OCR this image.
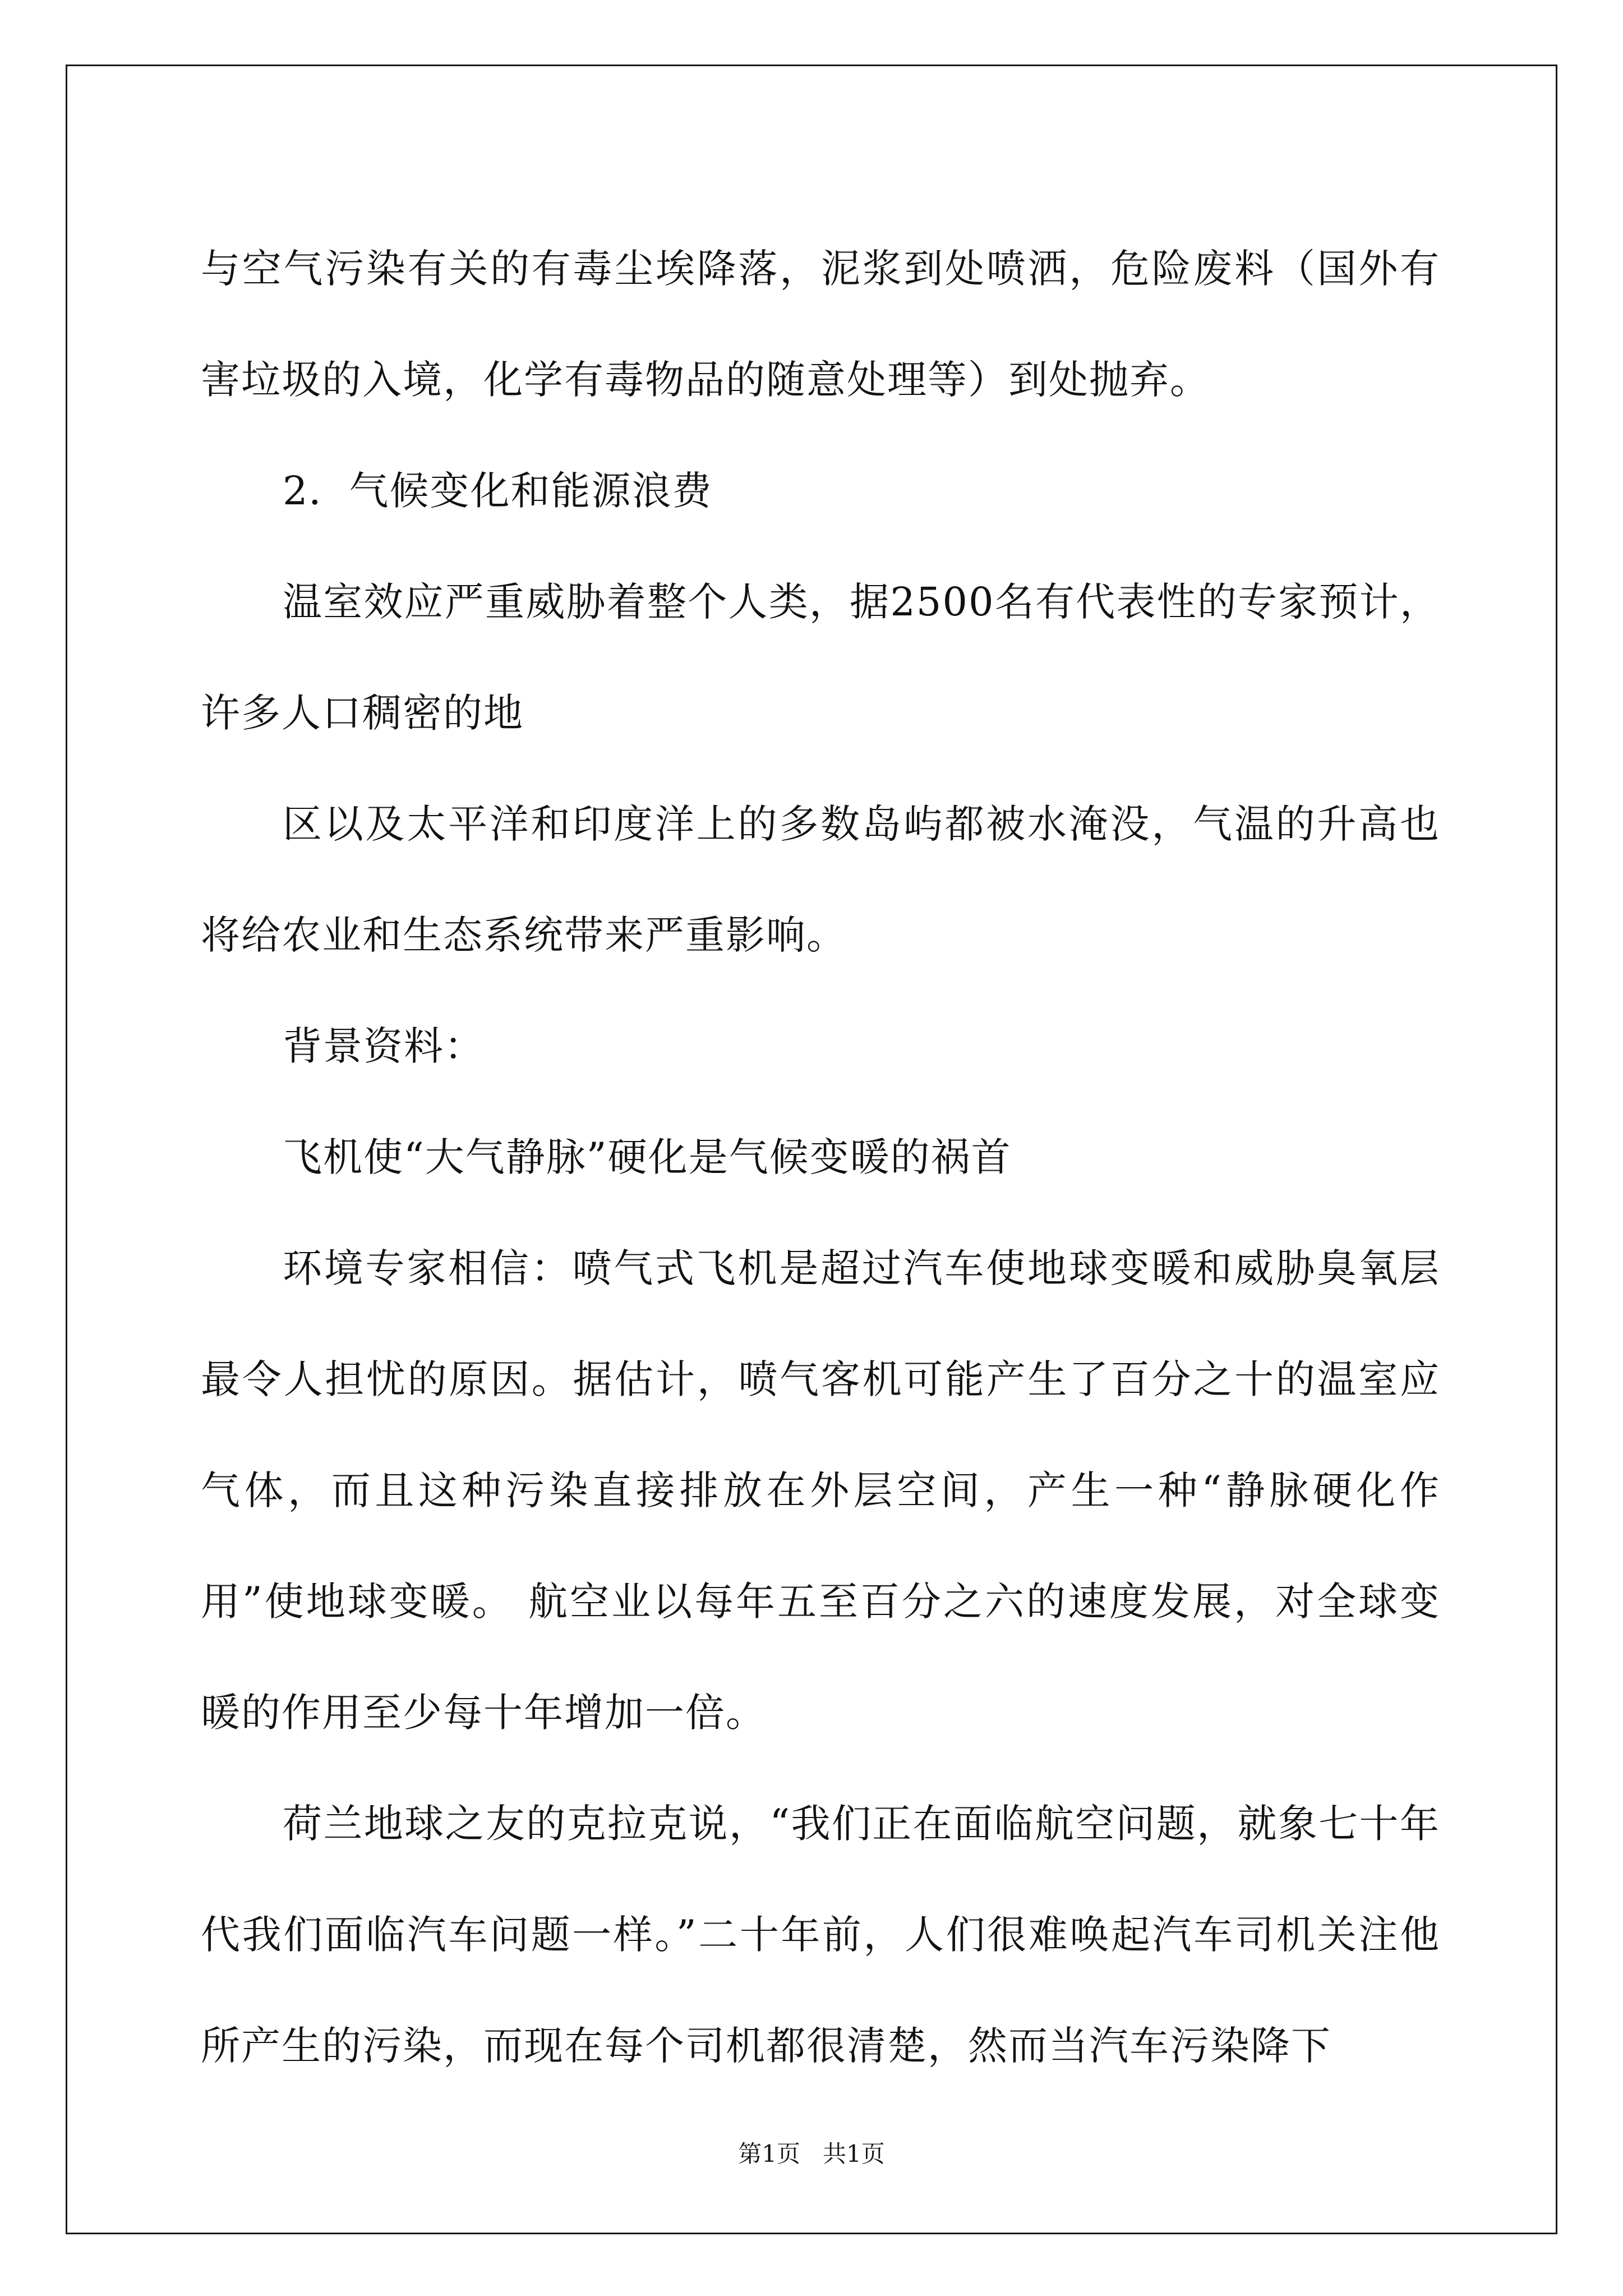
与空气污染有关的有毒尘埃降落，泥浆到处喷洒，危险废料（国外有害垃圾的入境，化学有毒物品的随意处理等）到处抛弃。

2．气候变化和能源浪费

温室效应严重威胁着整个人类，据2500名有代表性的专家预计，许多人口稠密的地

区以及太平洋和印度洋上的多数岛屿都被水淹没，气温的升高也将给农业和生态系统带来严重影响。

背景资料：

飞机使“大气静脉”硬化是气候变暖的祸首

环境专家相信：喷气式飞机是超过汽车使地球变暖和威胁臭氧层最令人担忧的原因。据估计，喷气客机可能产生了百分之十的温室应气体，而且这种污染直接排放在外层空间，产生一种“静脉硬化作用”使地球变暖。 航空业以每年五至百分之六的速度发展，对全球变暖的作用至少每十年增加一倍。

荷兰地球之友的克拉克说，“我们正在面临航空问题，就象七十年代我们面临汽车问题一样。”二十年前，人们很难唤起汽车司机关注他所产生的污染，而现在每个司机都很清楚，然而当汽车污染降下

第1页 共1页
